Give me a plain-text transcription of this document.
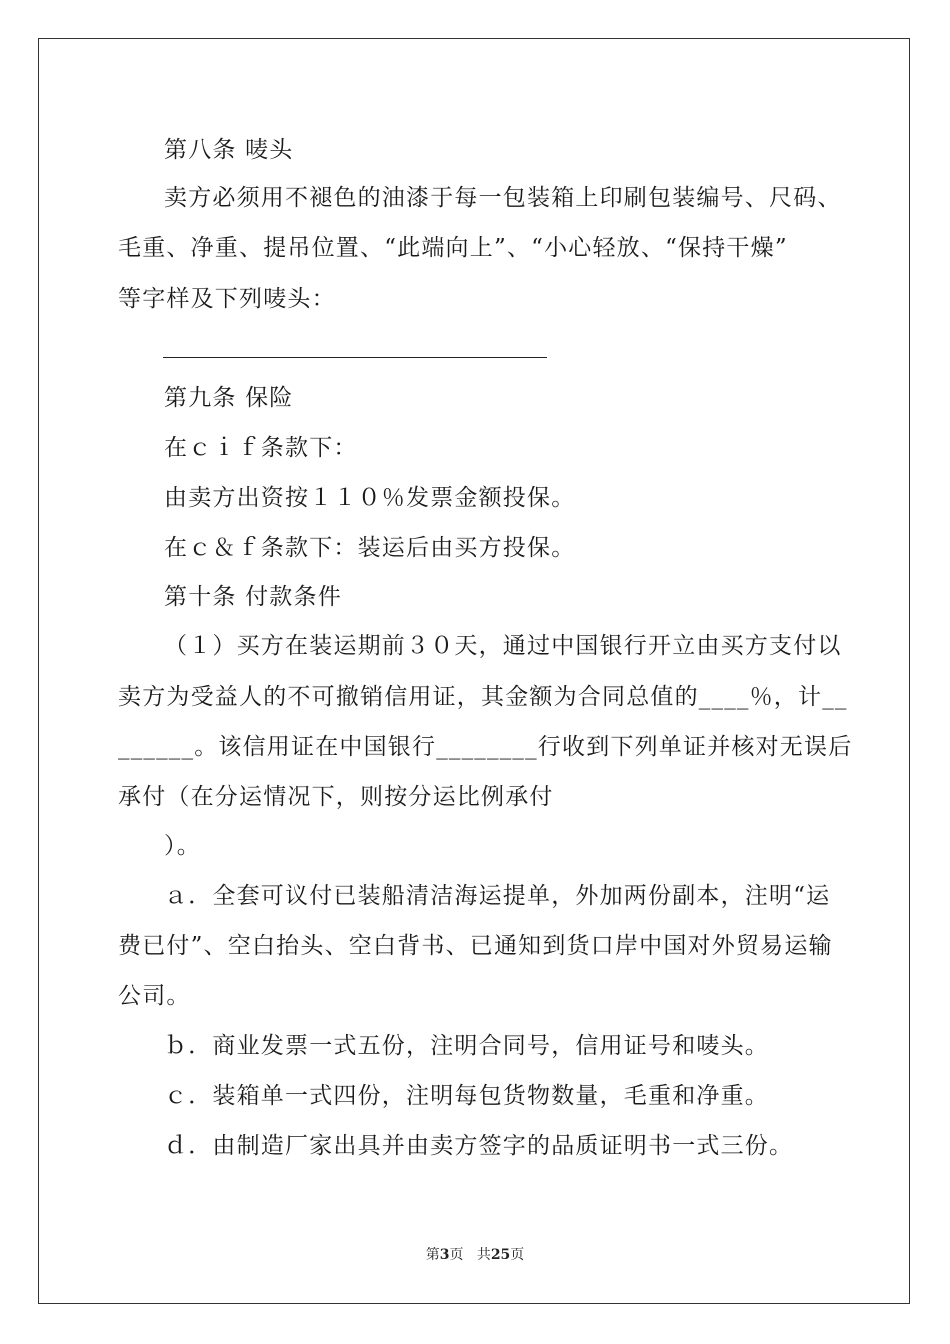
第八条 唛头
卖方必须用不褪色的油漆于每一包装箱上印刷包装编号、尺码、
毛重、净重、提吊位置、“此端向上”、“小心轻放、“保持干燥”
等字样及下列唛头：
第九条 保险
在ｃｉｆ条款下：
由卖方出资按１１０％发票金额投保。
在ｃ＆ｆ条款下：装运后由买方投保。
第十条 付款条件
（１）买方在装运期前３０天，通过中国银行开立由买方支付以
卖方为受益人的不可撤销信用证，其金额为合同总值的____％，计__
______。该信用证在中国银行________行收到下列单证并核对无误后
承付（在分运情况下，则按分运比例承付
）。
ａ．全套可议付已装船清洁海运提单，外加两份副本，注明“运
费已付”、空白抬头、空白背书、已通知到货口岸中国对外贸易运输
公司。
ｂ．商业发票一式五份，注明合同号，信用证号和唛头。
ｃ．装箱单一式四份，注明每包货物数量，毛重和净重。
ｄ．由制造厂家出具并由卖方签字的品质证明书一式三份。
第3页 共25页
